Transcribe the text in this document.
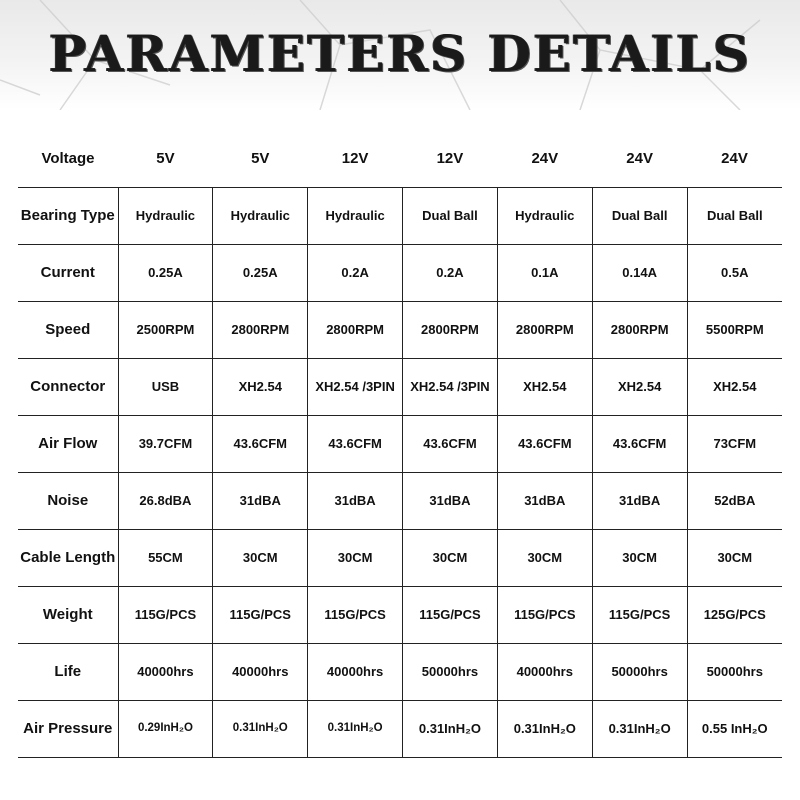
PARAMETERS DETAILS
Voltage	5V	5V	12V	12V	24V	24V	24V
Bearing Type	Hydraulic	Hydraulic	Hydraulic	Dual Ball	Hydraulic	Dual Ball	Dual Ball
Current	0.25A	0.25A	0.2A	0.2A	0.1A	0.14A	0.5A
Speed	2500RPM	2800RPM	2800RPM	2800RPM	2800RPM	2800RPM	5500RPM
Connector	USB	XH2.54	XH2.54 /3PIN	XH2.54 /3PIN	XH2.54	XH2.54	XH2.54
Air Flow	39.7CFM	43.6CFM	43.6CFM	43.6CFM	43.6CFM	43.6CFM	73CFM
Noise	26.8dBA	31dBA	31dBA	31dBA	31dBA	31dBA	52dBA
Cable Length	55CM	30CM	30CM	30CM	30CM	30CM	30CM
Weight	115G/PCS	115G/PCS	115G/PCS	115G/PCS	115G/PCS	115G/PCS	125G/PCS
Life	40000hrs	40000hrs	40000hrs	50000hrs	40000hrs	50000hrs	50000hrs
Air Pressure	0.29InH₂O	0.31InH₂O	0.31InH₂O	0.31InH₂O	0.31InH₂O	0.31InH₂O	0.55 InH₂O
